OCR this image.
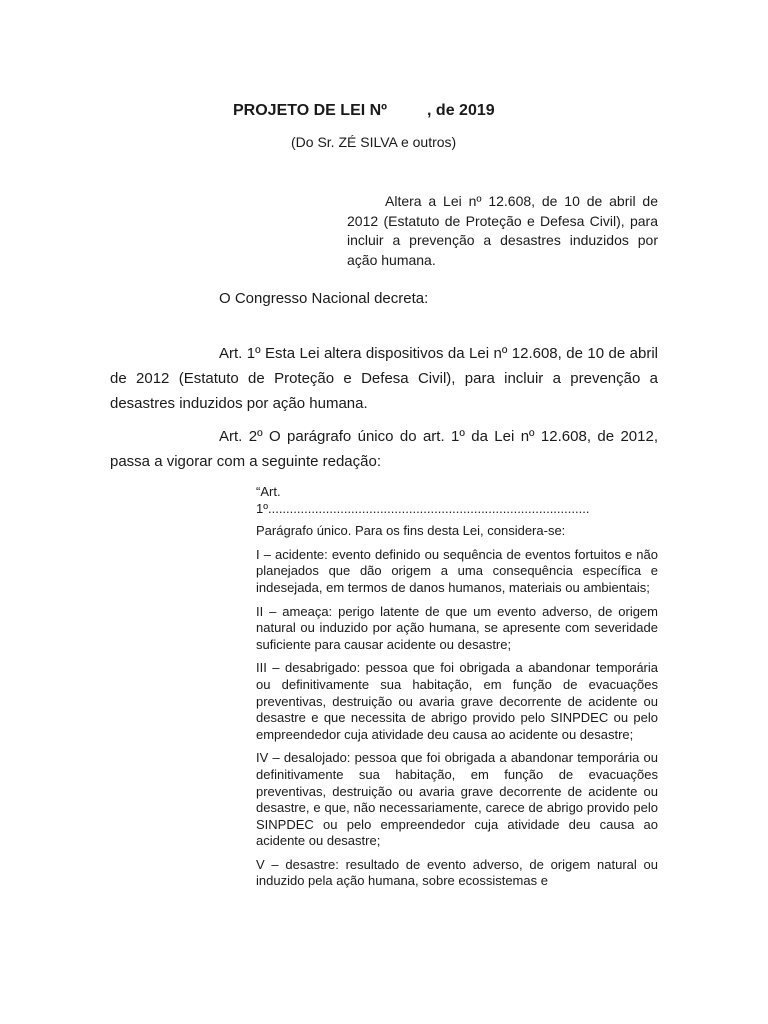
PROJETO DE LEI Nº         , de 2019
(Do Sr. ZÉ SILVA e outros)

Altera a Lei nº 12.608, de 10 de abril de 2012 (Estatuto de Proteção e Defesa Civil), para incluir a prevenção a desastres induzidos por ação humana.

O Congresso Nacional decreta:

Art. 1º Esta Lei altera dispositivos da Lei nº 12.608, de 10 de abril de 2012 (Estatuto de Proteção e Defesa Civil), para incluir a prevenção a desastres induzidos por ação humana.

Art. 2º O parágrafo único do art. 1º da Lei nº 12.608, de 2012, passa a vigorar com a seguinte redação:

“Art.

1º.........................................................................................

Parágrafo único. Para os fins desta Lei, considera-se:

I – acidente: evento definido ou sequência de eventos fortuitos e não planejados que dão origem a uma consequência específica e indesejada, em termos de danos humanos, materiais ou ambientais;

II – ameaça: perigo latente de que um evento adverso, de origem natural ou induzido por ação humana, se apresente com severidade suficiente para causar acidente ou desastre;

III – desabrigado: pessoa que foi obrigada a abandonar temporária ou definitivamente sua habitação, em função de evacuações preventivas, destruição ou avaria grave decorrente de acidente ou desastre e que necessita de abrigo provido pelo SINPDEC ou pelo empreendedor cuja atividade deu causa ao acidente ou desastre;

IV – desalojado: pessoa que foi obrigada a abandonar temporária ou definitivamente sua habitação, em função de evacuações preventivas, destruição ou avaria grave decorrente de acidente ou desastre, e que, não necessariamente, carece de abrigo provido pelo SINPDEC ou pelo empreendedor cuja atividade deu causa ao acidente ou desastre;

V – desastre: resultado de evento adverso, de origem natural ou induzido pela ação humana, sobre ecossistemas e
